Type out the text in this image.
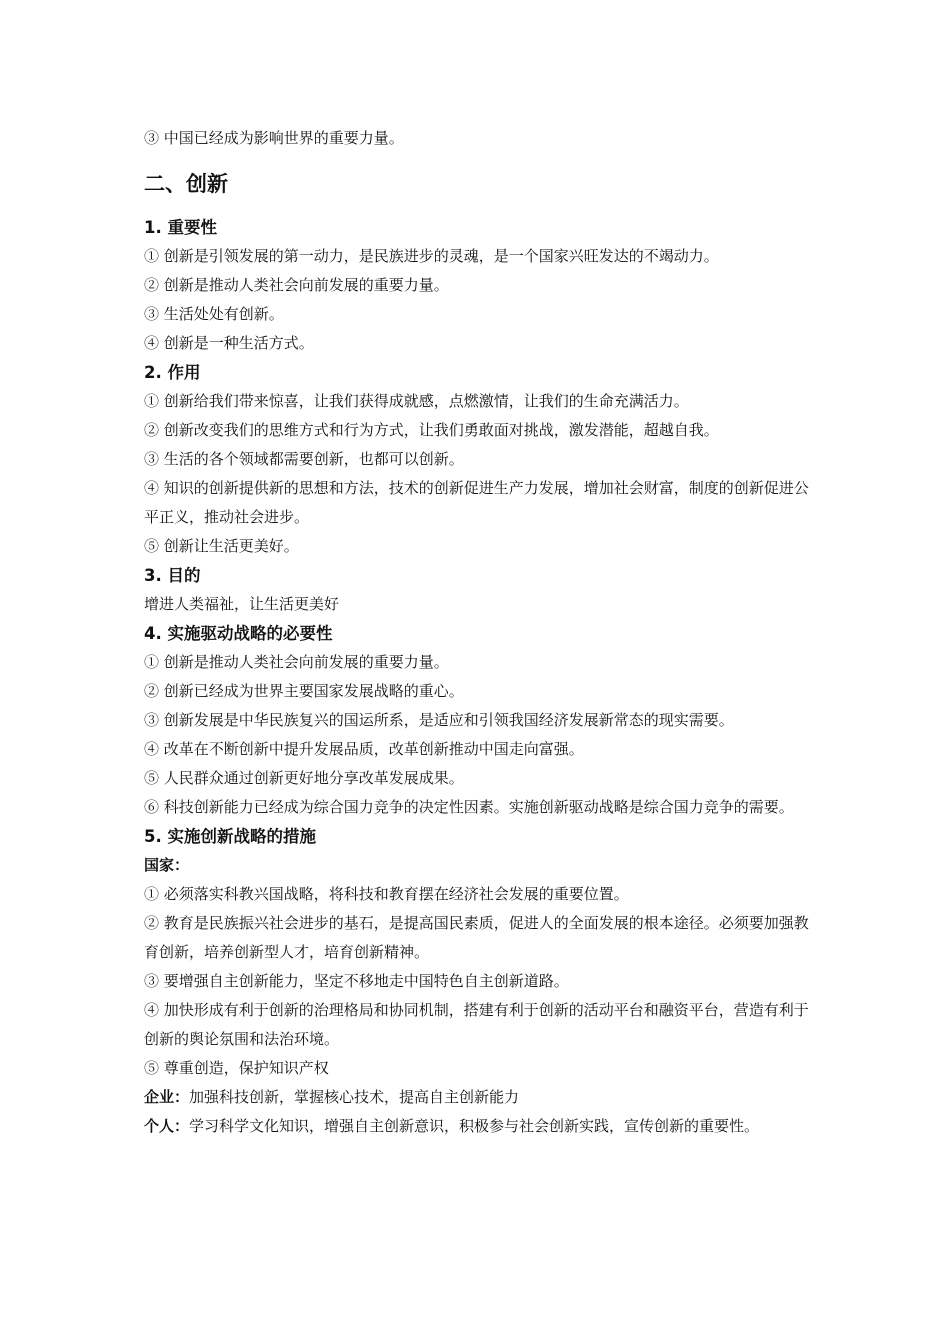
③ 中国已经成为影响世界的重要力量。

二、创新
1. 重要性

① 创新是引领发展的第一动力，是民族进步的灵魂，是一个国家兴旺发达的不竭动力。

② 创新是推动人类社会向前发展的重要力量。

③ 生活处处有创新。

④ 创新是一种生活方式。

2. 作用

① 创新给我们带来惊喜，让我们获得成就感，点燃激情，让我们的生命充满活力。

② 创新改变我们的思维方式和行为方式，让我们勇敢面对挑战，激发潜能，超越自我。

③ 生活的各个领域都需要创新，也都可以创新。

④ 知识的创新提供新的思想和方法，技术的创新促进生产力发展，增加社会财富，制度的创新促进公平正义，推动社会进步。

⑤ 创新让生活更美好。

3. 目的

增进人类福祉，让生活更美好

4. 实施驱动战略的必要性

① 创新是推动人类社会向前发展的重要力量。

② 创新已经成为世界主要国家发展战略的重心。

③ 创新发展是中华民族复兴的国运所系，是适应和引领我国经济发展新常态的现实需要。

④ 改革在不断创新中提升发展品质，改革创新推动中国走向富强。

⑤ 人民群众通过创新更好地分享改革发展成果。

⑥ 科技创新能力已经成为综合国力竞争的决定性因素。实施创新驱动战略是综合国力竞争的需要。

5. 实施创新战略的措施
国家：

① 必须落实科教兴国战略，将科技和教育摆在经济社会发展的重要位置。

② 教育是民族振兴社会进步的基石，是提高国民素质，促进人的全面发展的根本途径。必须要加强教育创新，培养创新型人才，培育创新精神。

③ 要增强自主创新能力，坚定不移地走中国特色自主创新道路。

④ 加快形成有利于创新的治理格局和协同机制，搭建有利于创新的活动平台和融资平台，营造有利于创新的舆论氛围和法治环境。

⑤ 尊重创造，保护知识产权

企业：加强科技创新，掌握核心技术，提高自主创新能力

个人：学习科学文化知识，增强自主创新意识，积极参与社会创新实践，宣传创新的重要性。
